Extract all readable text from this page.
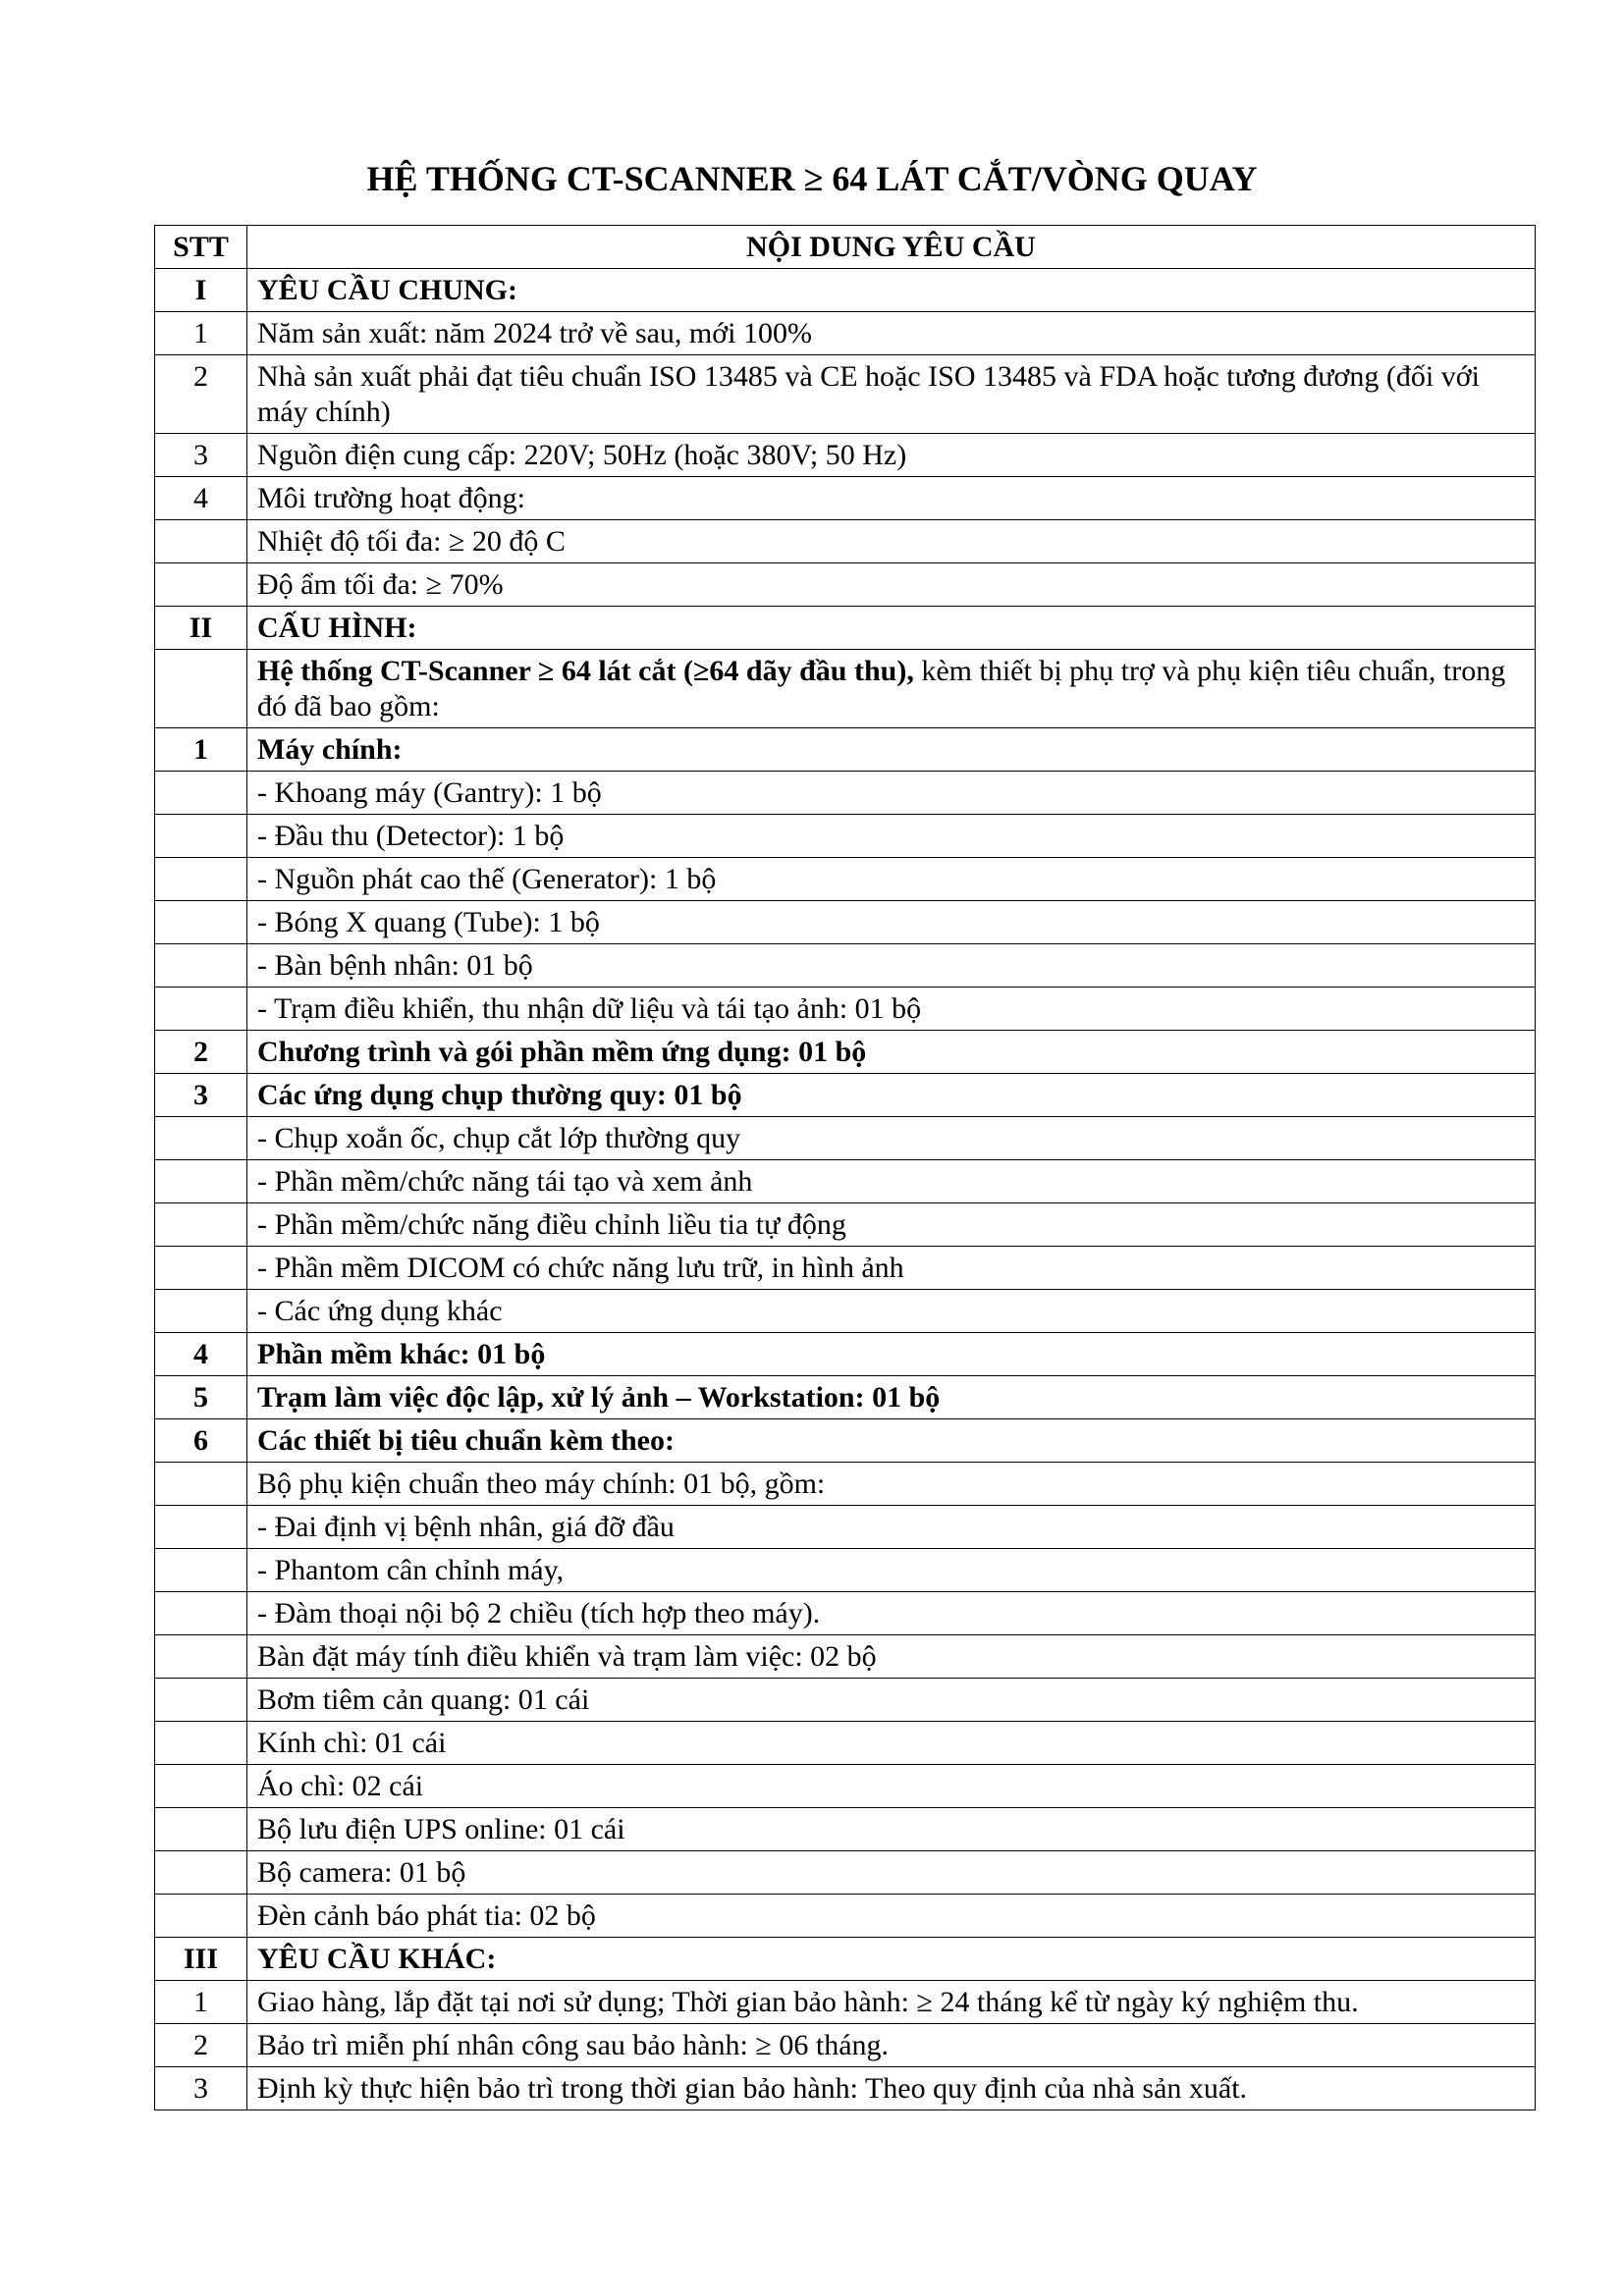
HỆ THỐNG CT-SCANNER ≥ 64 LÁT CẮT/VÒNG QUAY
STT	NỘI DUNG YÊU CẦU
I	YÊU CẦU CHUNG:
1	Năm sản xuất: năm 2024 trở về sau, mới 100%
2	Nhà sản xuất phải đạt tiêu chuẩn ISO 13485 và CE hoặc ISO 13485 và FDA hoặc tương đương (đối với máy chính)
3	Nguồn điện cung cấp: 220V; 50Hz (hoặc 380V; 50 Hz)
4	Môi trường hoạt động:
	Nhiệt độ tối đa: ≥ 20 độ C
	Độ ẩm tối đa: ≥ 70%
II	CẤU HÌNH:
	Hệ thống CT-Scanner ≥ 64 lát cắt (≥64 dãy đầu thu), kèm thiết bị phụ trợ và phụ kiện tiêu chuẩn, trong đó đã bao gồm:
1	Máy chính:
	- Khoang máy (Gantry): 1 bộ
	- Đầu thu (Detector): 1 bộ
	- Nguồn phát cao thế (Generator): 1 bộ
	- Bóng X quang (Tube): 1 bộ
	- Bàn bệnh nhân: 01 bộ
	- Trạm điều khiển, thu nhận dữ liệu và tái tạo ảnh: 01 bộ
2	Chương trình và gói phần mềm ứng dụng: 01 bộ
3	Các ứng dụng chụp thường quy: 01 bộ
	- Chụp xoắn ốc, chụp cắt lớp thường quy
	- Phần mềm/chức năng tái tạo và xem ảnh
	- Phần mềm/chức năng điều chỉnh liều tia tự động
	- Phần mềm DICOM có chức năng lưu trữ, in hình ảnh
	- Các ứng dụng khác
4	Phần mềm khác: 01 bộ
5	Trạm làm việc độc lập, xử lý ảnh – Workstation: 01 bộ
6	Các thiết bị tiêu chuẩn kèm theo:
	Bộ phụ kiện chuẩn theo máy chính: 01 bộ, gồm:
	- Đai định vị bệnh nhân, giá đỡ đầu
	- Phantom cân chỉnh máy,
	- Đàm thoại nội bộ 2 chiều (tích hợp theo máy).
	Bàn đặt máy tính điều khiển và trạm làm việc: 02 bộ
	Bơm tiêm cản quang: 01 cái
	Kính chì: 01 cái
	Áo chì: 02 cái
	Bộ lưu điện UPS online: 01 cái
	Bộ camera: 01 bộ
	Đèn cảnh báo phát tia: 02 bộ
III	YÊU CẦU KHÁC:
1	Giao hàng, lắp đặt tại nơi sử dụng; Thời gian bảo hành: ≥ 24 tháng kể từ ngày ký nghiệm thu.
2	Bảo trì miễn phí nhân công sau bảo hành: ≥ 06 tháng.
3	Định kỳ thực hiện bảo trì trong thời gian bảo hành: Theo quy định của nhà sản xuất.
